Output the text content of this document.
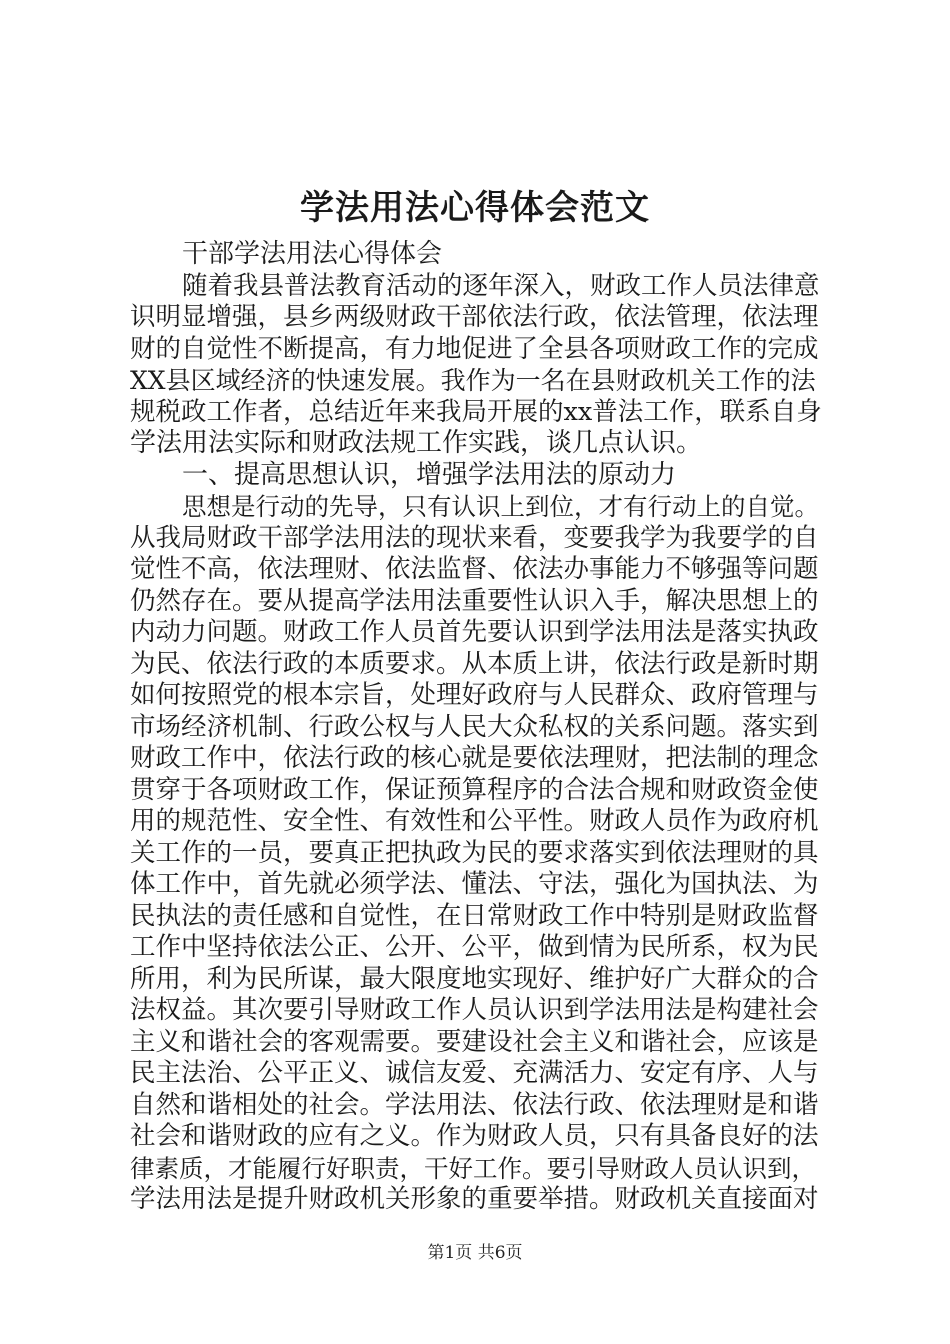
学法用法心得体会范文
干部学法用法心得体会
随着我县普法教育活动的逐年深入，财政工作人员法律意
识明显增强，县乡两级财政干部依法行政，依法管理，依法理
财的自觉性不断提高，有力地促进了全县各项财政工作的完成
XX县区域经济的快速发展。我作为一名在县财政机关工作的法
规税政工作者，总结近年来我局开展的xx普法工作，联系自身
学法用法实际和财政法规工作实践，谈几点认识。
一、提高思想认识，增强学法用法的原动力
思想是行动的先导，只有认识上到位，才有行动上的自觉。
从我局财政干部学法用法的现状来看，变要我学为我要学的自
觉性不高，依法理财、依法监督、依法办事能力不够强等问题
仍然存在。要从提高学法用法重要性认识入手，解决思想上的
内动力问题。财政工作人员首先要认识到学法用法是落实执政
为民、依法行政的本质要求。从本质上讲，依法行政是新时期
如何按照党的根本宗旨，处理好政府与人民群众、政府管理与
市场经济机制、行政公权与人民大众私权的关系问题。落实到
财政工作中，依法行政的核心就是要依法理财，把法制的理念
贯穿于各项财政工作，保证预算程序的合法合规和财政资金使
用的规范性、安全性、有效性和公平性。财政人员作为政府机
关工作的一员，要真正把执政为民的要求落实到依法理财的具
体工作中，首先就必须学法、懂法、守法，强化为国执法、为
民执法的责任感和自觉性，在日常财政工作中特别是财政监督
工作中坚持依法公正、公开、公平，做到情为民所系，权为民
所用，利为民所谋，最大限度地实现好、维护好广大群众的合
法权益。其次要引导财政工作人员认识到学法用法是构建社会
主义和谐社会的客观需要。要建设社会主义和谐社会，应该是
民主法治、公平正义、诚信友爱、充满活力、安定有序、人与
自然和谐相处的社会。学法用法、依法行政、依法理财是和谐
社会和谐财政的应有之义。作为财政人员，只有具备良好的法
律素质，才能履行好职责，干好工作。要引导财政人员认识到，
学法用法是提升财政机关形象的重要举措。财政机关直接面对
第1页 共6页
